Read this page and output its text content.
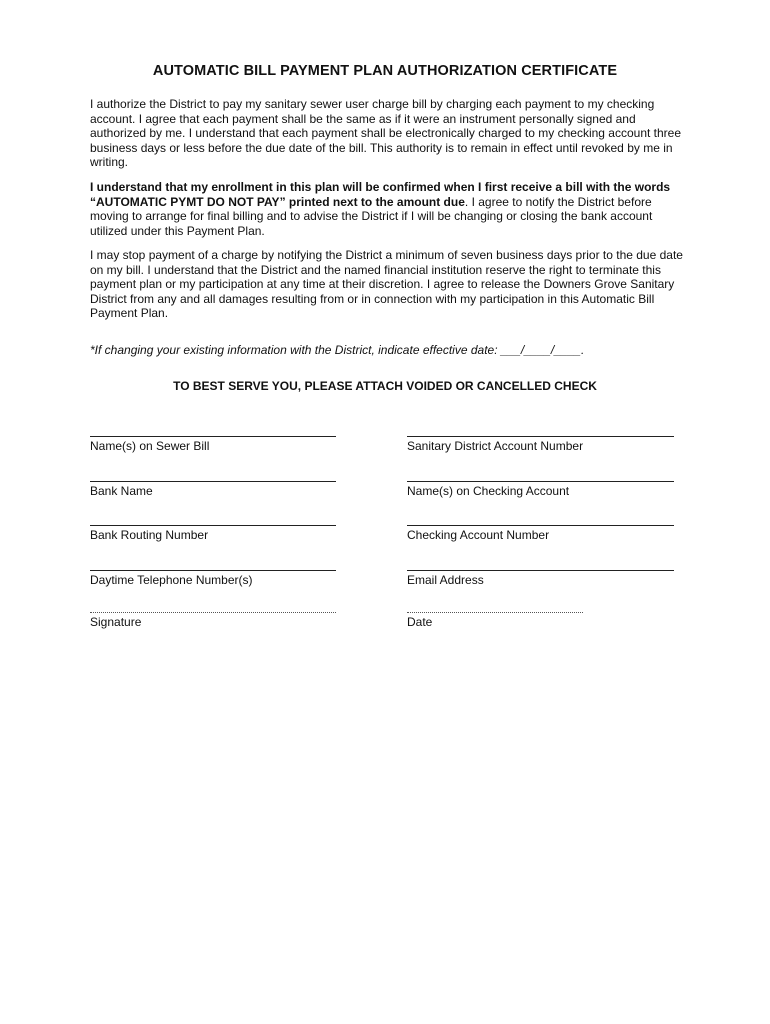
AUTOMATIC BILL PAYMENT PLAN AUTHORIZATION CERTIFICATE

I authorize the District to pay my sanitary sewer user charge bill by charging each payment to my checking account. I agree that each payment shall be the same as if it were an instrument personally signed and authorized by me. I understand that each payment shall be electronically charged to my checking account three business days or less before the due date of the bill. This authority is to remain in effect until revoked by me in writing.

I understand that my enrollment in this plan will be confirmed when I first receive a bill with the words “AUTOMATIC PYMT DO NOT PAY” printed next to the amount due. I agree to notify the District before moving to arrange for final billing and to advise the District if I will be changing or closing the bank account utilized under this Payment Plan.

I may stop payment of a charge by notifying the District a minimum of seven business days prior to the due date on my bill. I understand that the District and the named financial institution reserve the right to terminate this payment plan or my participation at any time at their discretion. I agree to release the Downers Grove Sanitary District from any and all damages resulting from or in connection with my participation in this Automatic Bill Payment Plan.

*If changing your existing information with the District, indicate effective date: ___/____/____.

TO BEST SERVE YOU, PLEASE ATTACH VOIDED OR CANCELLED CHECK

Name(s) on Sewer Bill	Sanitary District Account Number
Bank Name	Name(s) on Checking Account
Bank Routing Number	Checking Account Number
Daytime Telephone Number(s)	Email Address
Signature	Date
